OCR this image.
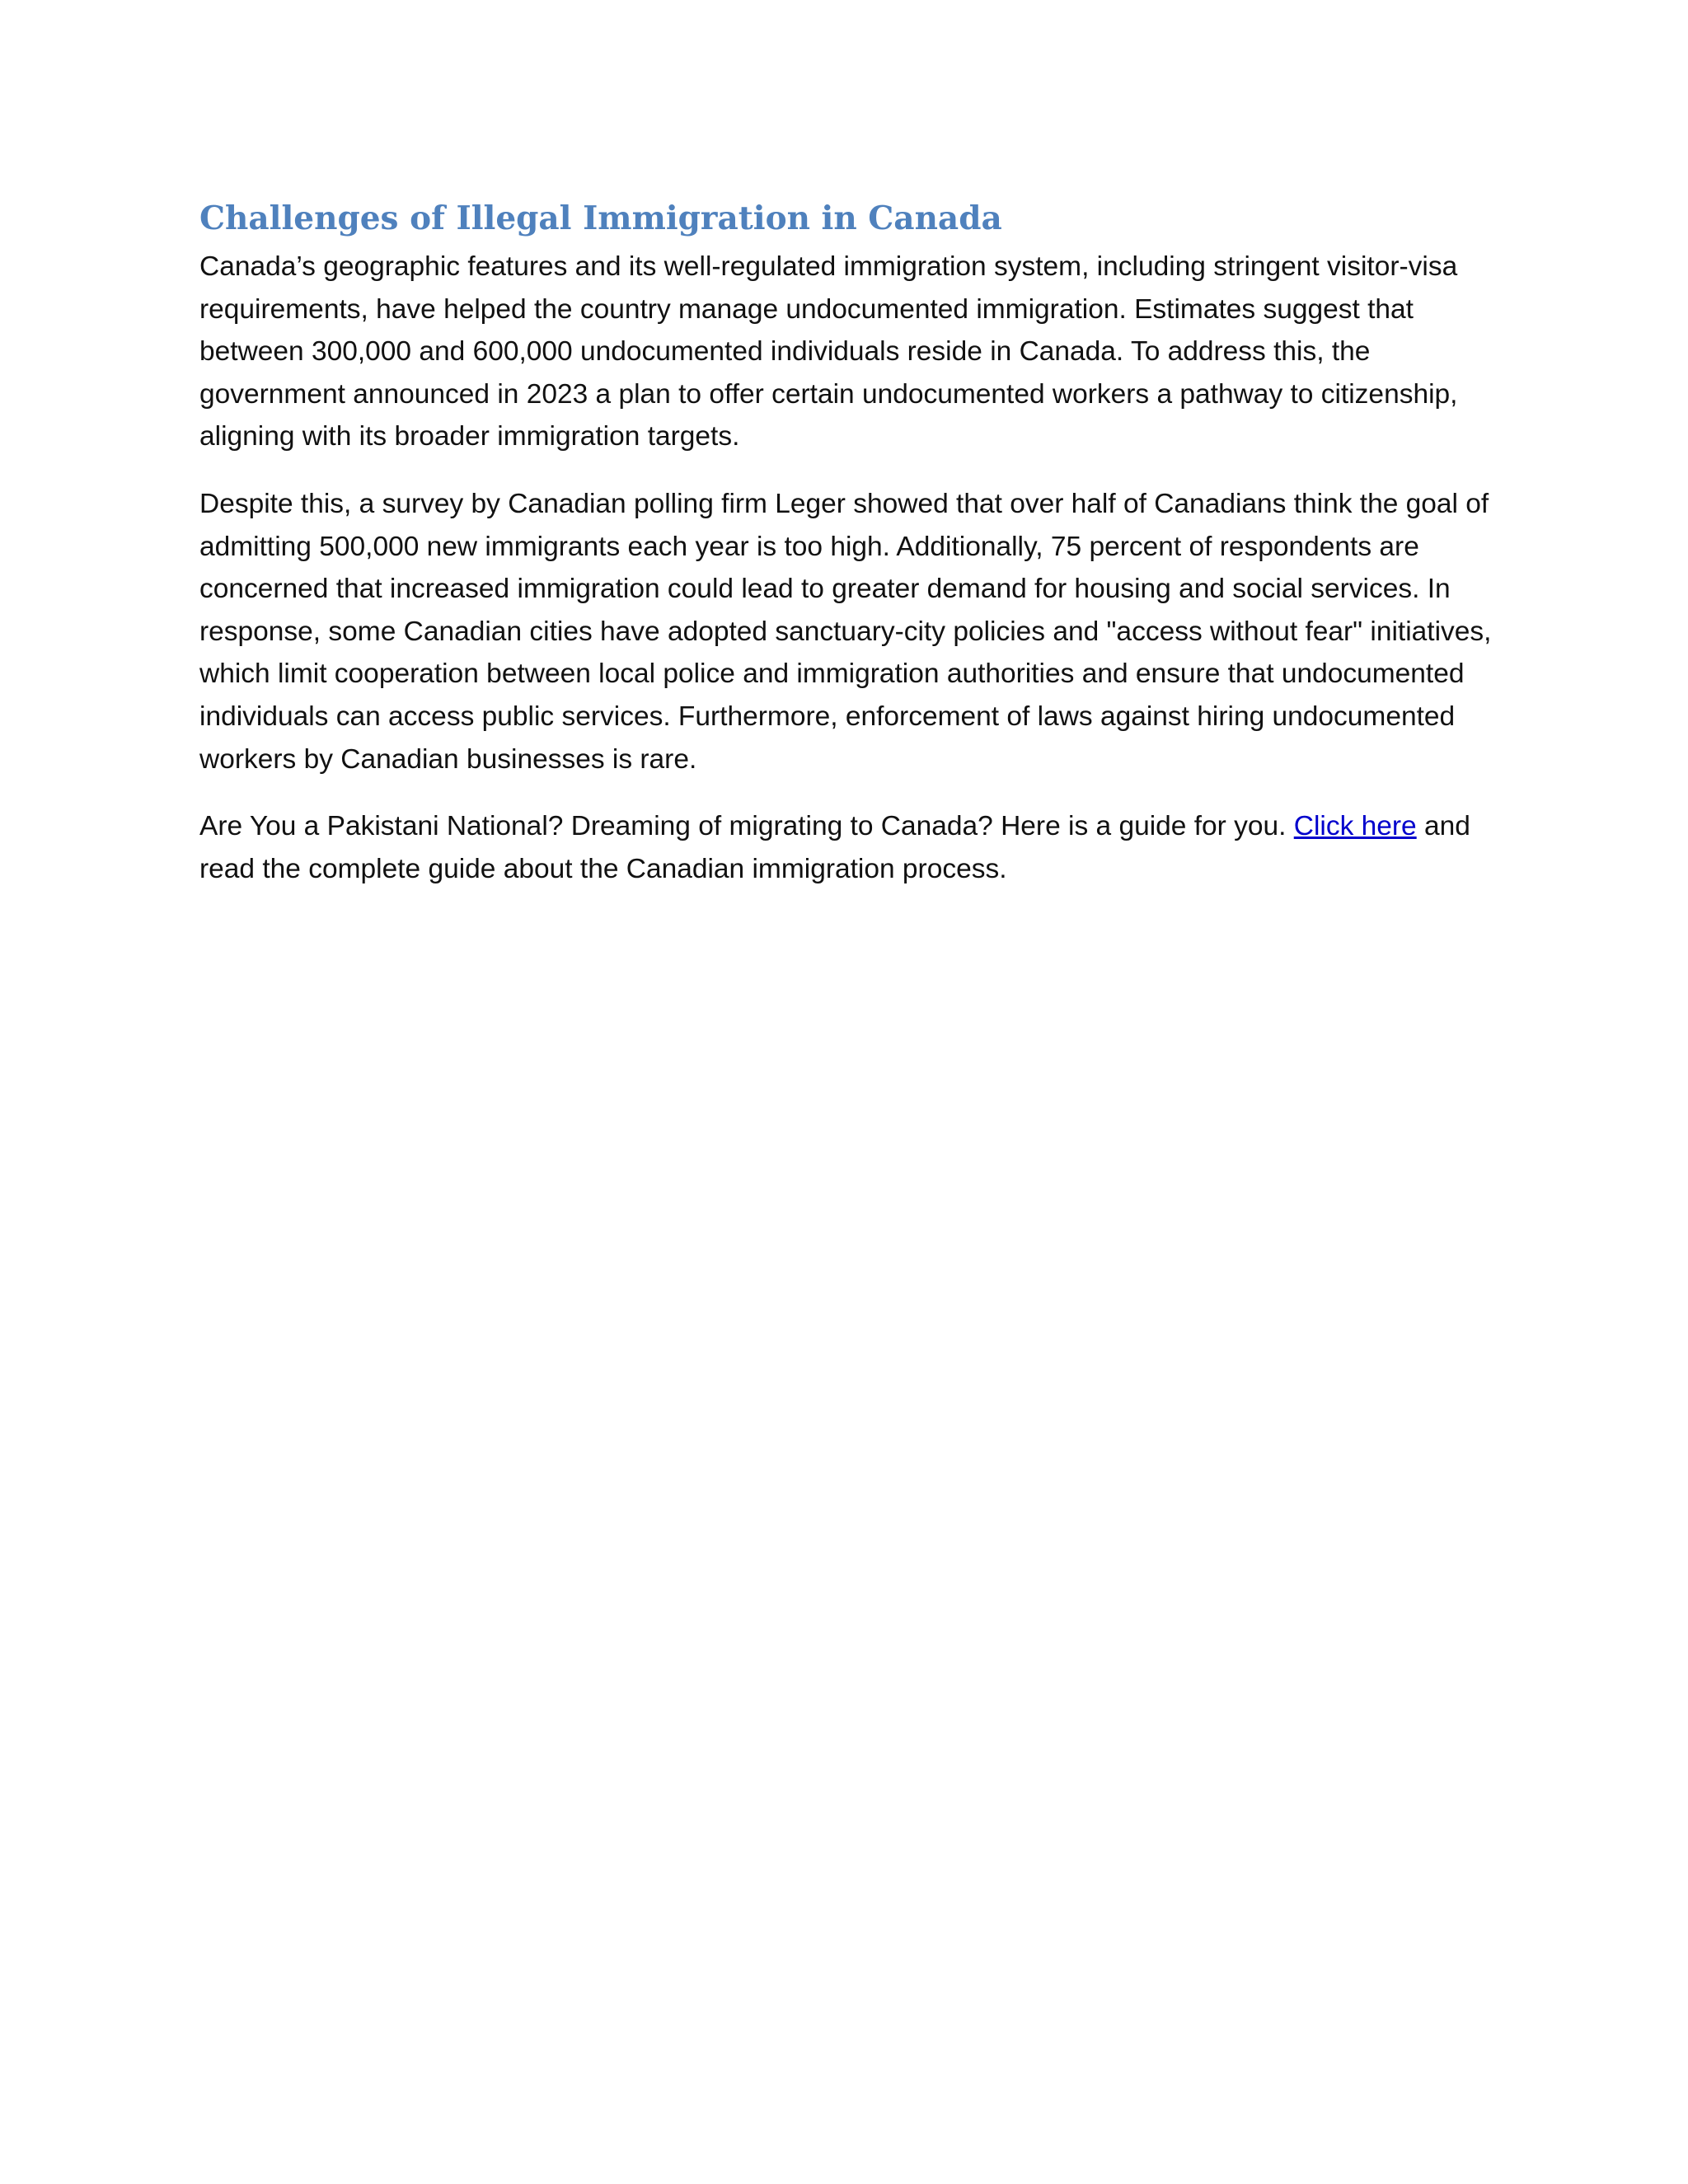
Challenges of Illegal Immigration in Canada

Canada’s geographic features and its well-regulated immigration system, including stringent visitor-visa requirements, have helped the country manage undocumented immigration. Estimates suggest that between 300,000 and 600,000 undocumented individuals reside in Canada. To address this, the government announced in 2023 a plan to offer certain undocumented workers a pathway to citizenship, aligning with its broader immigration targets.

Despite this, a survey by Canadian polling firm Leger showed that over half of Canadians think the goal of admitting 500,000 new immigrants each year is too high. Additionally, 75 percent of respondents are concerned that increased immigration could lead to greater demand for housing and social services. In response, some Canadian cities have adopted sanctuary-city policies and "access without fear" initiatives, which limit cooperation between local police and immigration authorities and ensure that undocumented individuals can access public services. Furthermore, enforcement of laws against hiring undocumented workers by Canadian businesses is rare.

Are You a Pakistani National? Dreaming of migrating to Canada? Here is a guide for you. Click here and read the complete guide about the Canadian immigration process.
